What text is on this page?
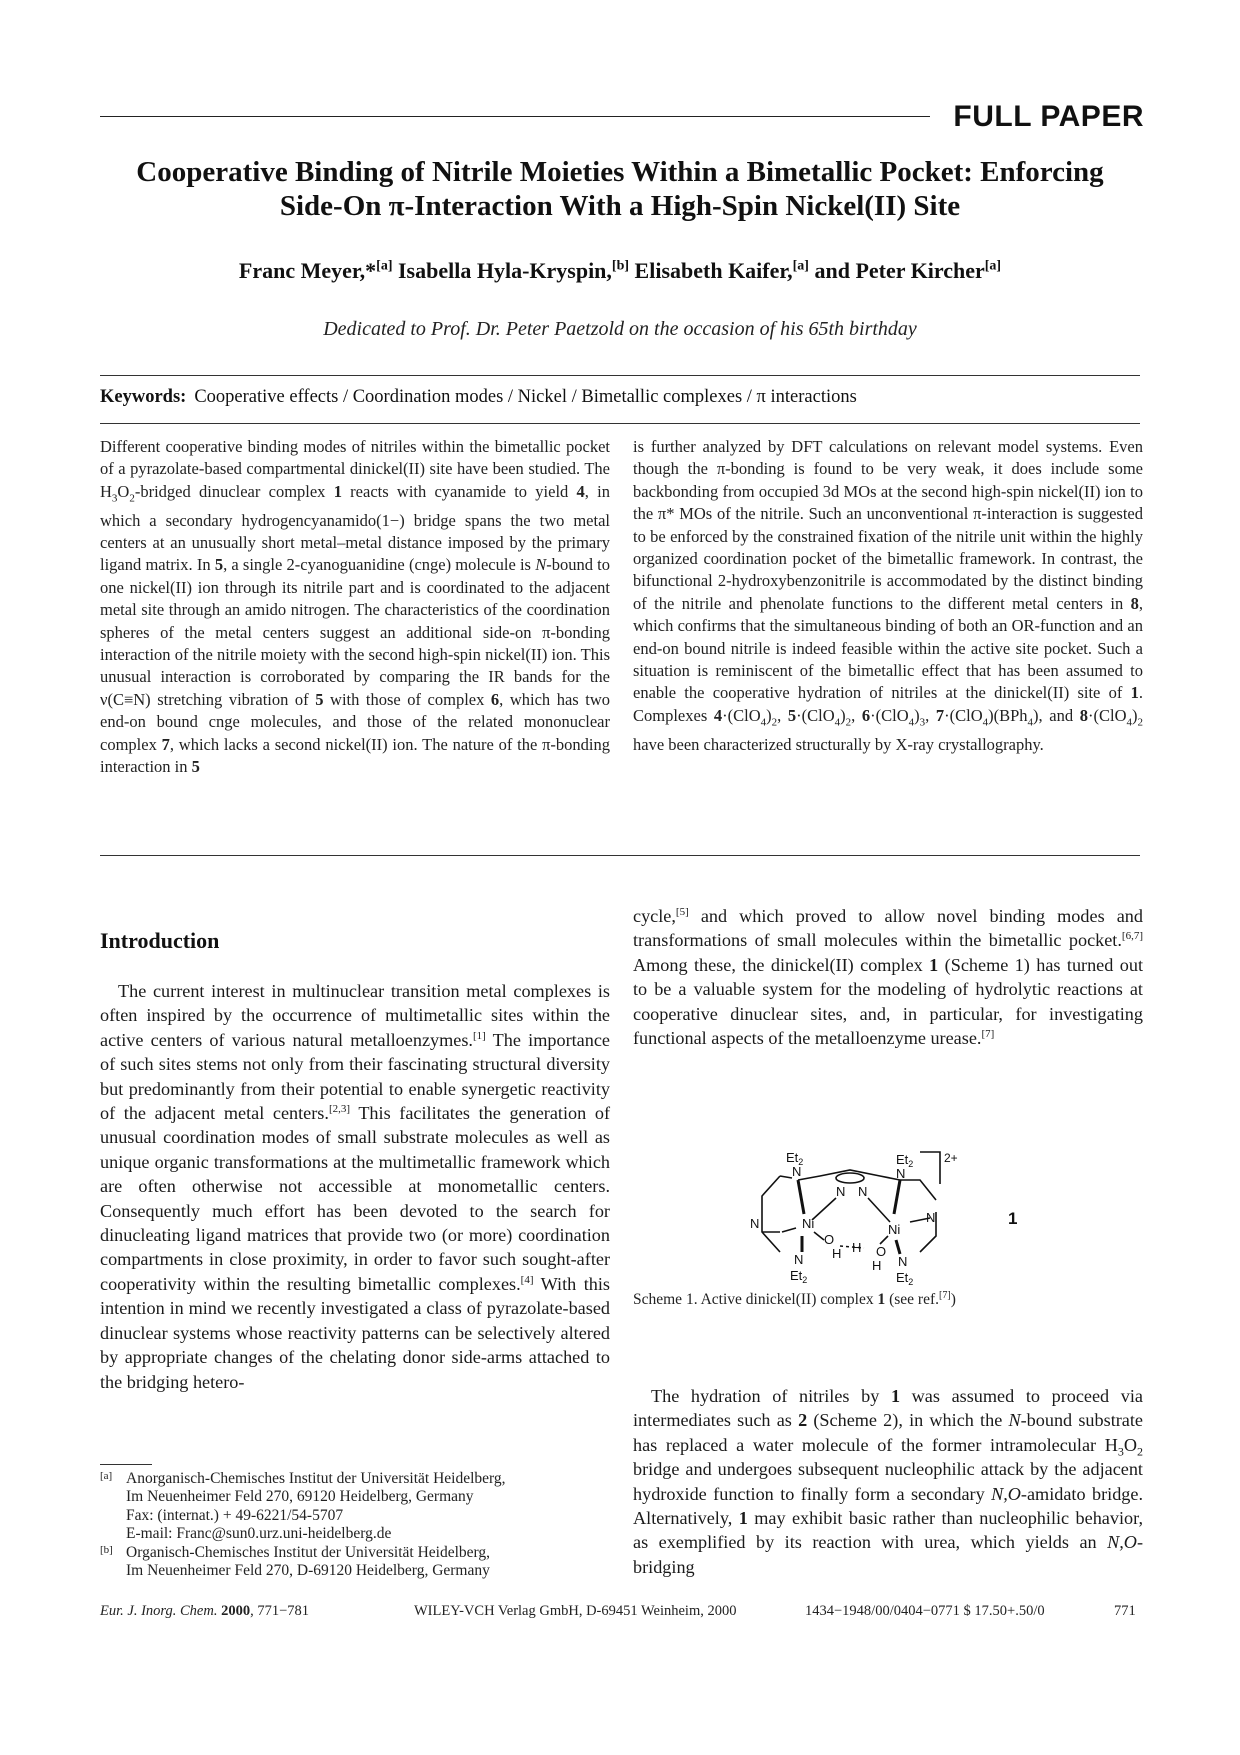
FULL PAPER
Cooperative Binding of Nitrile Moieties Within a Bimetallic Pocket: Enforcing
Side-On π-Interaction With a High-Spin Nickel(II) Site
Franc Meyer,*[a] Isabella Hyla-Kryspin,[b] Elisabeth Kaifer,[a] and Peter Kircher[a]
Dedicated to Prof. Dr. Peter Paetzold on the occasion of his 65th birthday
Keywords: Cooperative effects / Coordination modes / Nickel / Bimetallic complexes / π interactions
Different cooperative binding modes of nitriles within the bimetallic pocket of a pyrazolate-based compartmental dinickel(II) site have been studied. The $H_3O_2$-bridged dinuclear complex 1 reacts with cyanamide to yield 4, in which a secondary hydrogencyanamido(1−) bridge spans the two metal centers at an unusually short metal–metal distance imposed by the primary ligand matrix. In 5, a single 2-cyanoguanidine (cnge) molecule is N-bound to one nickel(II) ion through its nitrile part and is coordinated to the adjacent metal site through an amido nitrogen. The characteristics of the coordination spheres of the metal centers suggest an additional side-on π-bonding interaction of the nitrile moiety with the second high-spin nickel(II) ion. This unusual interaction is corroborated by comparing the IR bands for the ν(C≡N) stretching vibration of 5 with those of complex 6, which has two end-on bound cnge molecules, and those of the related mononuclear complex 7, which lacks a second nickel(II) ion. The nature of the π-bonding interaction in 5
is further analyzed by DFT calculations on relevant model systems. Even though the π-bonding is found to be very weak, it does include some backbonding from occupied 3d MOs at the second high-spin nickel(II) ion to the π* MOs of the nitrile. Such an unconventional π-interaction is suggested to be enforced by the constrained fixation of the nitrile unit within the highly organized coordination pocket of the bimetallic framework. In contrast, the bifunctional 2-hydroxybenzonitrile is accommodated by the distinct binding of the nitrile and phenolate functions to the different metal centers in 8, which confirms that the simultaneous binding of both an OR-function and an end-on bound nitrile is indeed feasible within the active site pocket. Such a situation is reminiscent of the bimetallic effect that has been assumed to enable the cooperative hydration of nitriles at the dinickel(II) site of 1. Complexes $4\cdot(ClO_4)_2$, $5\cdot(ClO_4)_2$, $6\cdot(ClO_4)_3$, 7·(ClO$_4$)(BPh$_4$), and $8\cdot(ClO_4)_2$ have been characterized structurally by X-ray crystallography.
Introduction

The current interest in multinuclear transition metal complexes is often inspired by the occurrence of multimetallic sites within the active centers of various natural metalloenzymes.[1] The importance of such sites stems not only from their fascinating structural diversity but predominantly from their potential to enable synergetic reactivity of the adjacent metal centers.[2,3] This facilitates the generation of unusual coordination modes of small substrate molecules as well as unique organic transformations at the multimetallic framework which are often otherwise not accessible at monometallic centers. Consequently much effort has been devoted to the search for dinucleating ligand matrices that provide two (or more) coordination compartments in close proximity, in order to favor such sought-after cooperativity within the resulting bimetallic complexes.[4] With this intention in mind we recently investigated a class of pyrazolate-based dinuclear systems whose reactivity patterns can be selectively altered by appropriate changes of the chelating donor side-arms attached to the bridging hetero-

cycle,[5] and which proved to allow novel binding modes and transformations of small molecules within the bimetallic pocket.[6,7] Among these, the dinickel(II) complex 1 (Scheme 1) has turned out to be a valuable system for the modeling of hydrolytic reactions at cooperative dinuclear sites, and, in particular, for investigating functional aspects of the metalloenzyme urease.[7]

$Et_2$
N
N	Ni
N N
O
H H O
H
N
$Et_2$
$Et_2$
N
Ni
N
N
$Et_2$
2+
1
Scheme 1. Active dinickel(II) complex 1 (see ref.[7])

The hydration of nitriles by 1 was assumed to proceed via intermediates such as 2 (Scheme 2), in which the N-bound substrate has replaced a water molecule of the former intramolecular $H_3O_2$ bridge and undergoes subsequent nucleophilic attack by the adjacent hydroxide function to finally form a secondary N,O-amidato bridge. Alternatively, 1 may exhibit basic rather than nucleophilic behavior, as exemplified by its reaction with urea, which yields an N,O-bridging

[a] Anorganisch-Chemisches Institut der Universität Heidelberg,
Im Neuenheimer Feld 270, 69120 Heidelberg, Germany
Fax: (internat.) + 49-6221/54-5707
E-mail: Franc@sun0.urz.uni-heidelberg.de
[b] Organisch-Chemisches Institut der Universität Heidelberg,
Im Neuenheimer Feld 270, D-69120 Heidelberg, Germany
Eur. J. Inorg. Chem. 2000, 771−781	WILEY-VCH Verlag GmbH, D-69451 Weinheim, 2000	1434−1948/00/0404−0771 $ 17.50+.50/0	771
